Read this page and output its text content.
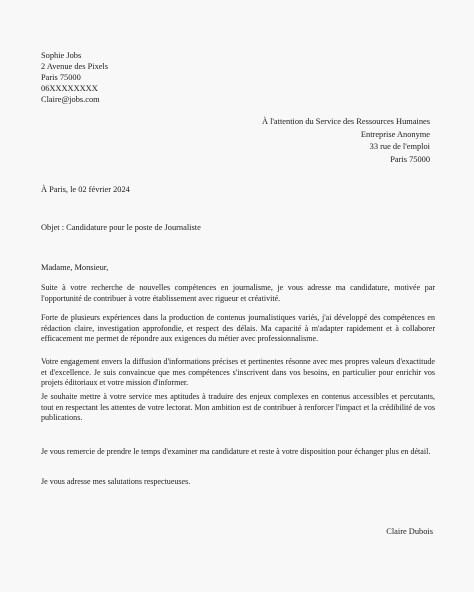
Sophie Jobs
2 Avenue des Pixels
Paris 75000
06XXXXXXXX
Claire@jobs.com
À l'attention du Service des Ressources Humaines
Entreprise Anonyme
33 rue de l'emploi
Paris 75000
À Paris, le 02 février 2024
Objet : Candidature pour le poste de Journaliste
Madame, Monsieur,
Suite à votre recherche de nouvelles compétences en journalisme, je vous adresse ma candidature, motivée par l'opportunité de contribuer à votre établissement avec rigueur et créativité.
Forte de plusieurs expériences dans la production de contenus journalistiques variés, j'ai développé des compétences en rédaction claire, investigation approfondie, et respect des délais. Ma capacité à m'adapter rapidement et à collaborer efficacement me permet de répondre aux exigences du métier avec professionnalisme.
Votre engagement envers la diffusion d'informations précises et pertinentes résonne avec mes propres valeurs d'exactitude et d'excellence. Je suis convaincue que mes compétences s'inscrivent dans vos besoins, en particulier pour enrichir vos projets éditoriaux et votre mission d'informer.
Je souhaite mettre à votre service mes aptitudes à traduire des enjeux complexes en contenus accessibles et percutants, tout en respectant les attentes de votre lectorat. Mon ambition est de contribuer à renforcer l'impact et la crédibilité de vos publications.
Je vous remercie de prendre le temps d'examiner ma candidature et reste à votre disposition pour échanger plus en détail.
Je vous adresse mes salutations respectueuses.
Claire Dubois
